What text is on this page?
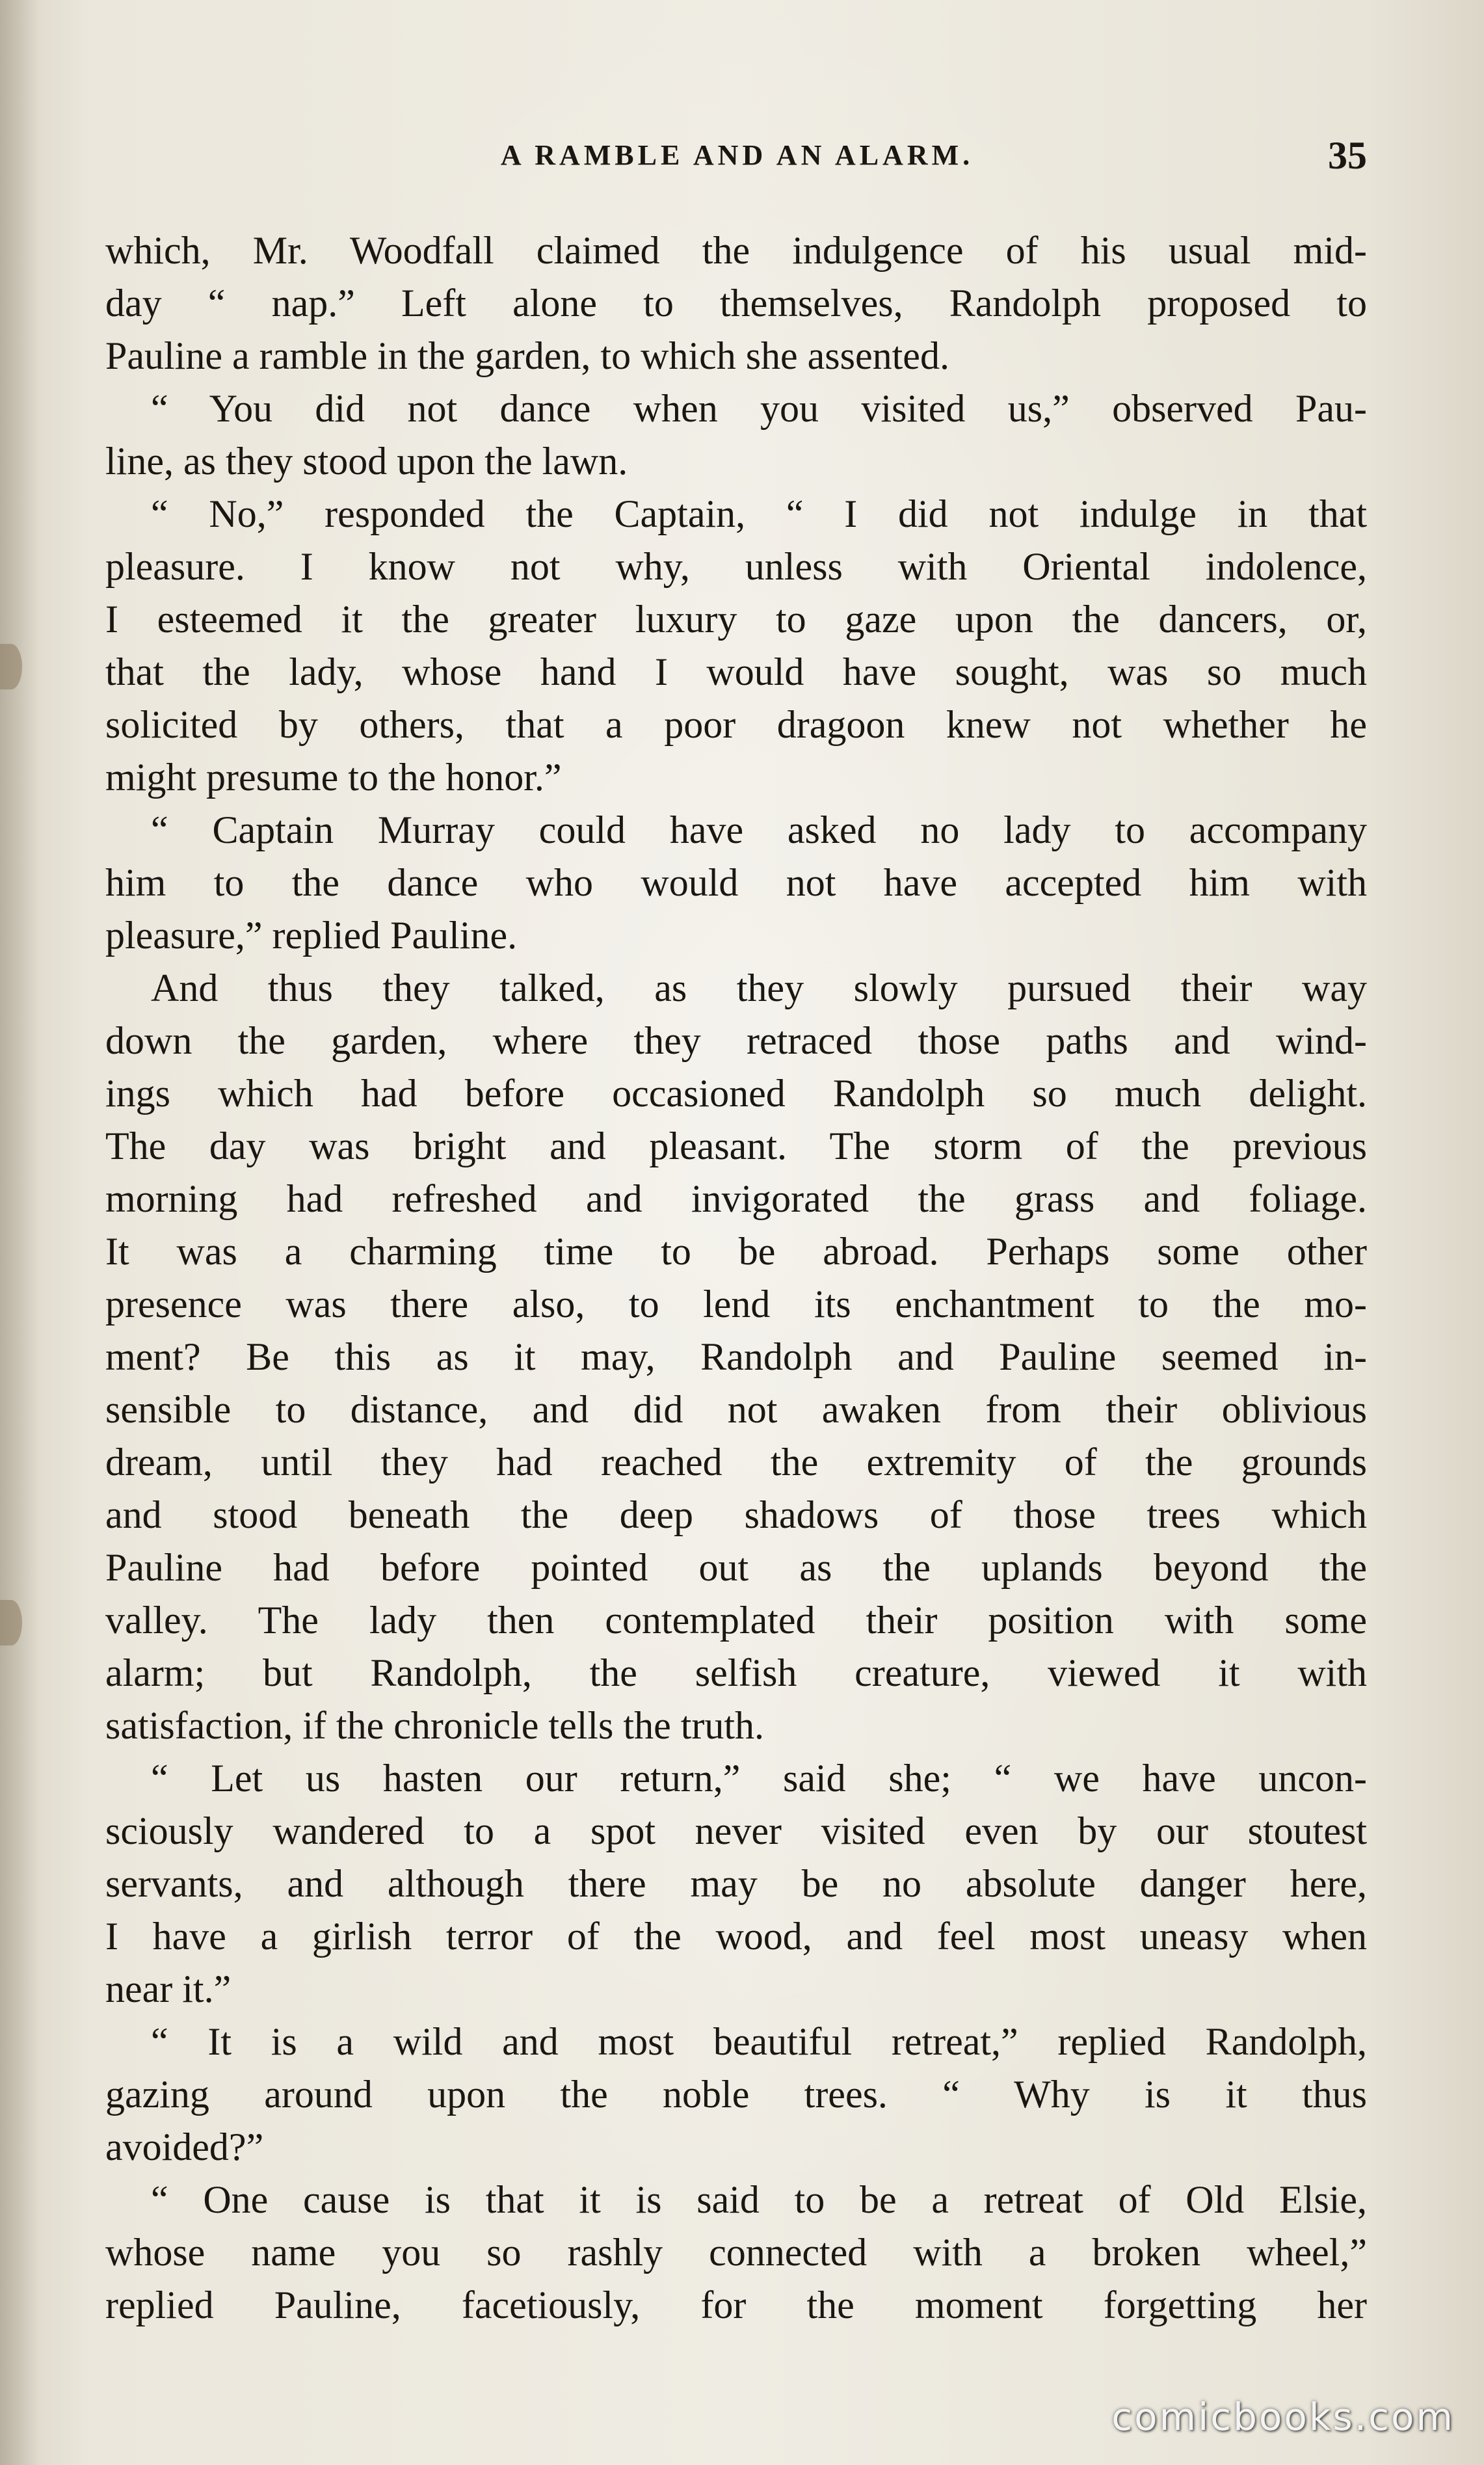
A RAMBLE AND AN ALARM.	35
which, Mr. Woodfall claimed the indulgence of his usual mid-
day “ nap.” Left alone to themselves, Randolph proposed to
Pauline a ramble in the garden, to which she assented.
“ You did not dance when you visited us,” observed Pau-
line, as they stood upon the lawn.
“ No,” responded the Captain, “ I did not indulge in that
pleasure. I know not why, unless with Oriental indolence,
I esteemed it the greater luxury to gaze upon the dancers, or,
that the lady, whose hand I would have sought, was so much
solicited by others, that a poor dragoon knew not whether he
might presume to the honor.”
“ Captain Murray could have asked no lady to accompany
him to the dance who would not have accepted him with
pleasure,” replied Pauline.
And thus they talked, as they slowly pursued their way
down the garden, where they retraced those paths and wind-
ings which had before occasioned Randolph so much delight.
The day was bright and pleasant. The storm of the previous
morning had refreshed and invigorated the grass and foliage.
It was a charming time to be abroad. Perhaps some other
presence was there also, to lend its enchantment to the mo-
ment? Be this as it may, Randolph and Pauline seemed in-
sensible to distance, and did not awaken from their oblivious
dream, until they had reached the extremity of the grounds
and stood beneath the deep shadows of those trees which
Pauline had before pointed out as the uplands beyond the
valley. The lady then contemplated their position with some
alarm; but Randolph, the selfish creature, viewed it with
satisfaction, if the chronicle tells the truth.
“ Let us hasten our return,” said she; “ we have uncon-
sciously wandered to a spot never visited even by our stoutest
servants, and although there may be no absolute danger here,
I have a girlish terror of the wood, and feel most uneasy when
near it.”
“ It is a wild and most beautiful retreat,” replied Randolph,
gazing around upon the noble trees. “ Why is it thus
avoided?”
“ One cause is that it is said to be a retreat of Old Elsie,
whose name you so rashly connected with a broken wheel,”
replied Pauline, facetiously, for the moment forgetting her
comicbooks.com
